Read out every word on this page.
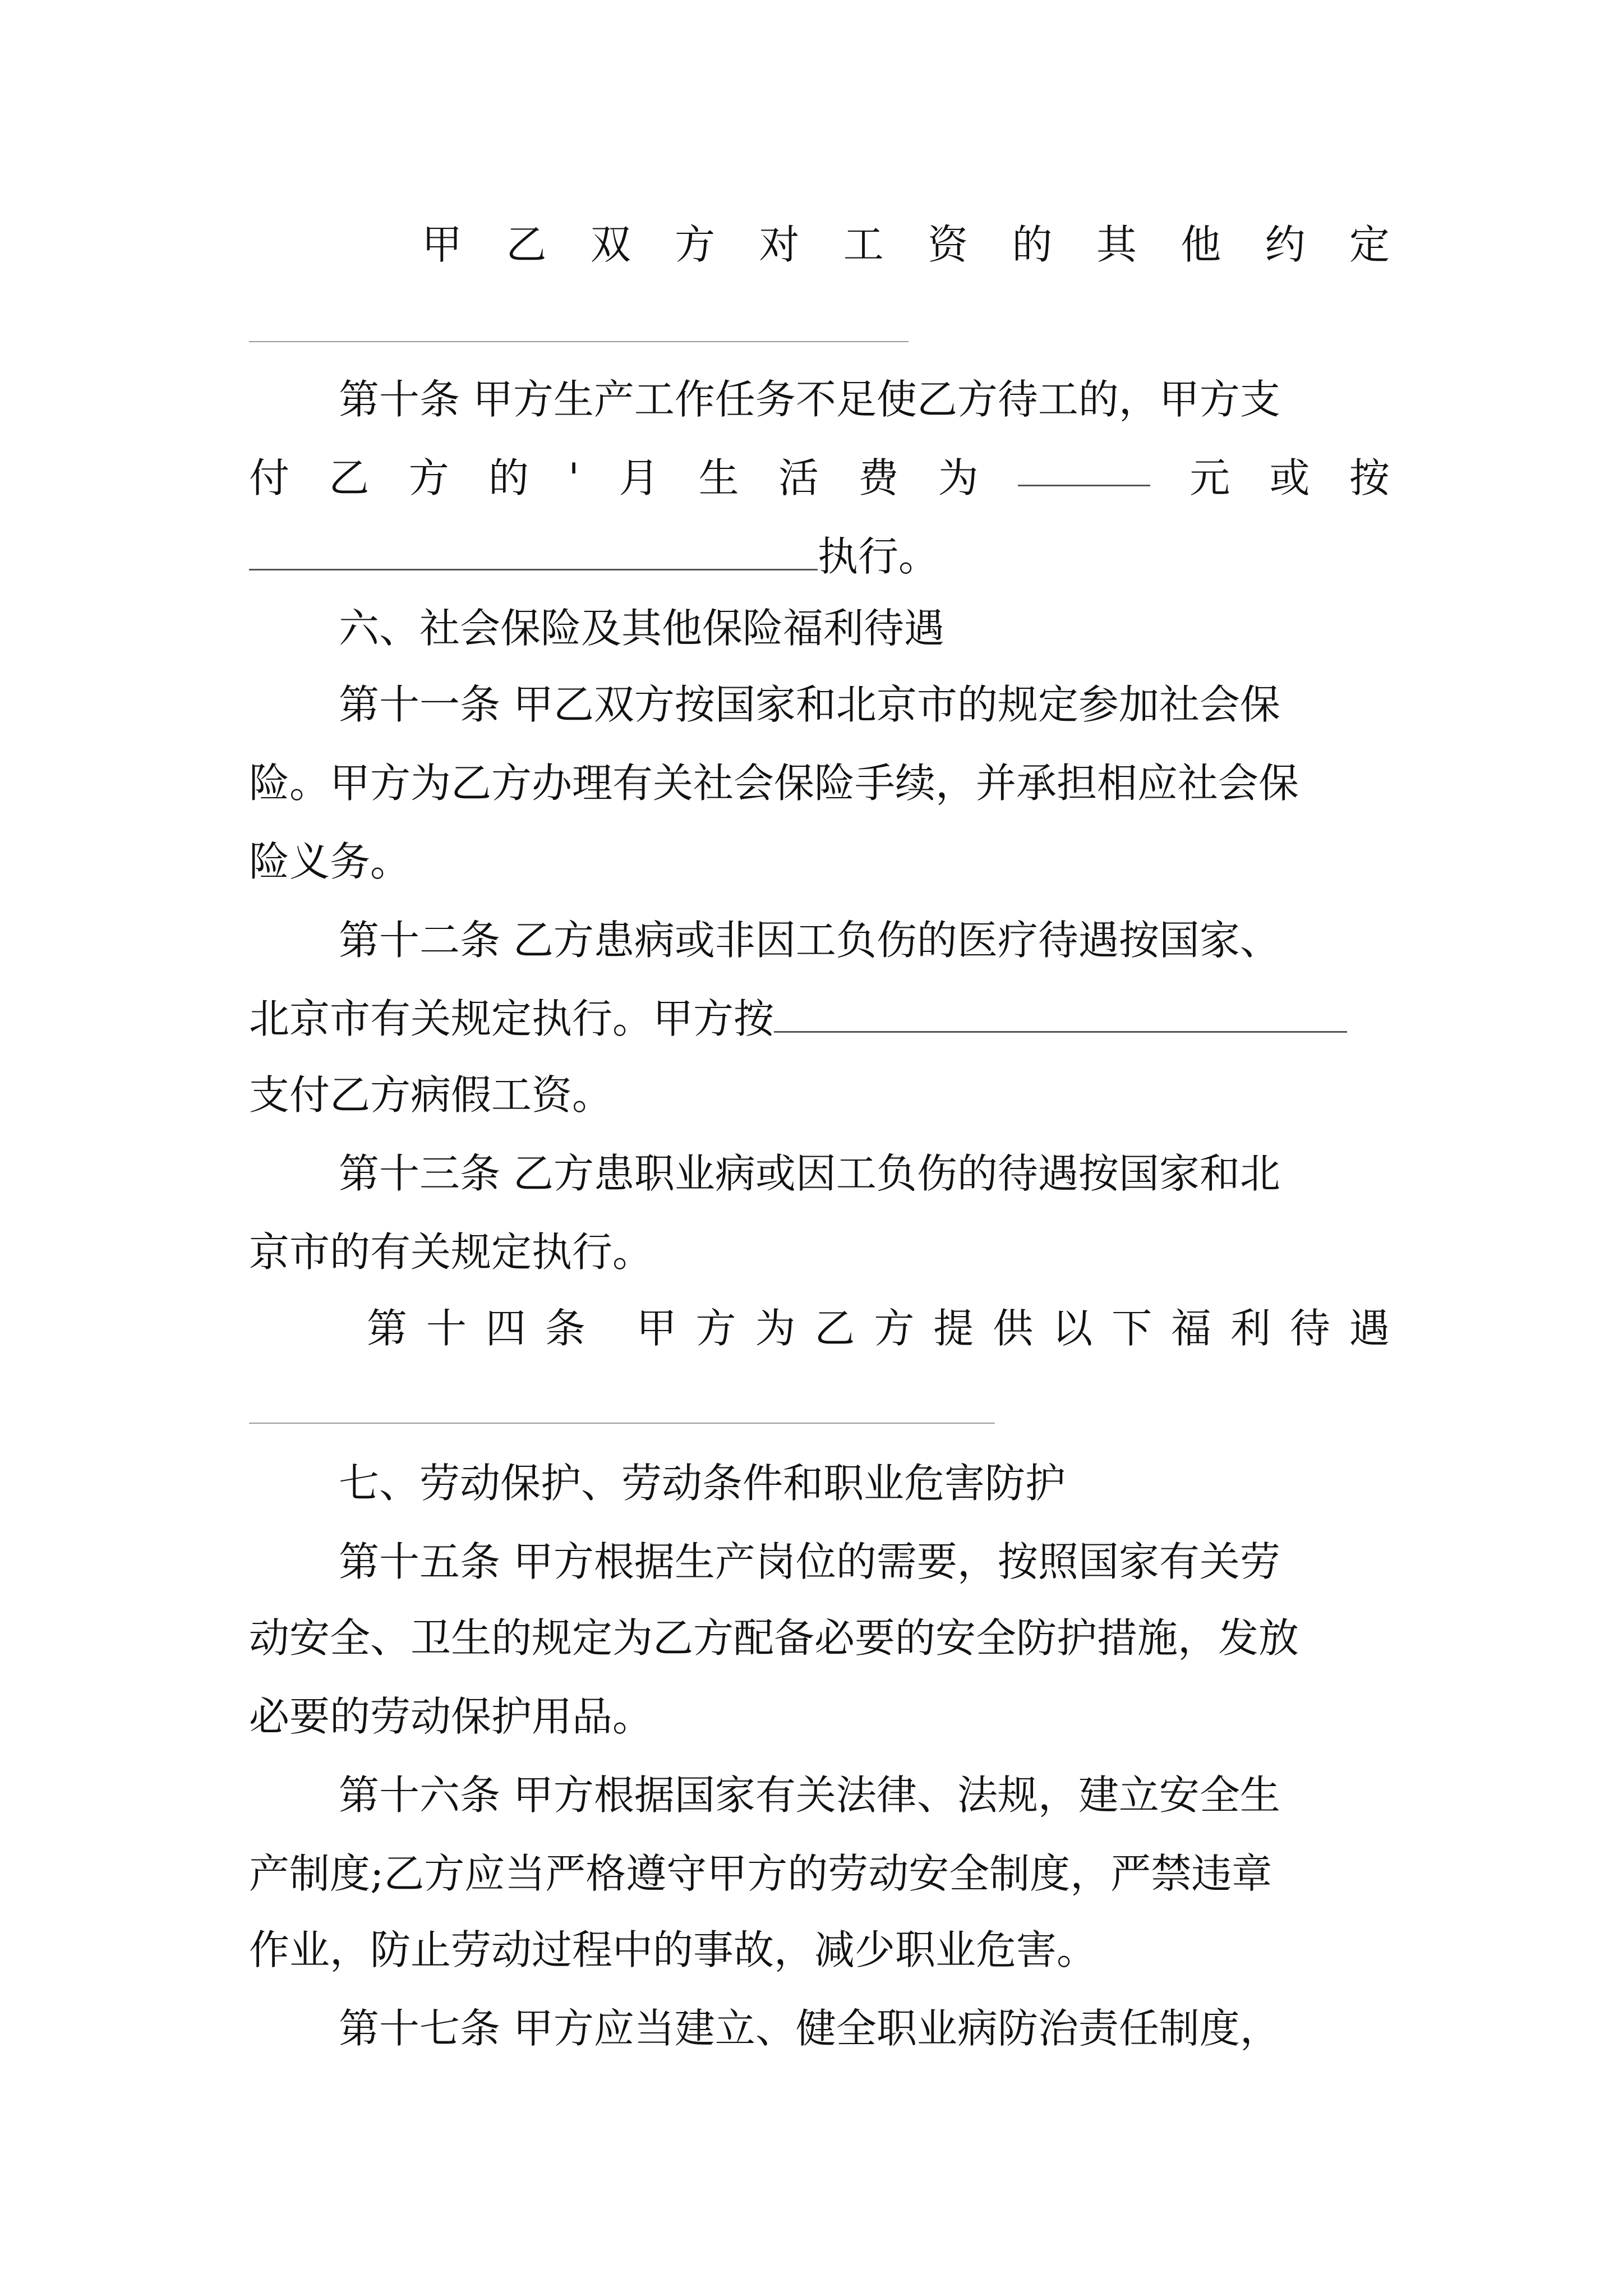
甲 乙 双 方 对 工 资 的 其 他 约 定
第十条 甲方生产工作任务不足使乙方待工的，甲方支
付 乙 方 的 ' 月 生 活 费 为	元 或 按
执行。
六、社会保险及其他保险福利待遇
第十一条 甲乙双方按国家和北京市的规定参加社会保
险。甲方为乙方办理有关社会保险手续，并承担相应社会保
险义务。
第十二条 乙方患病或非因工负伤的医疗待遇按国家、
北京市有关规定执行。甲方按
支付乙方病假工资。
第十三条 乙方患职业病或因工负伤的待遇按国家和北
京市的有关规定执行。
第 十 四 条
甲 方 为 乙 方 提 供 以 下 福 利 待 遇
七、劳动保护、劳动条件和职业危害防护
第十五条 甲方根据生产岗位的需要，按照国家有关劳
动安全、卫生的规定为乙方配备必要的安全防护措施，发放
必要的劳动保护用品。
第十六条 甲方根据国家有关法律、法规，建立安全生
产制度;乙方应当严格遵守甲方的劳动安全制度，严禁违章
作业，防止劳动过程中的事故，减少职业危害。
第十七条 甲方应当建立、健全职业病防治责任制度，
